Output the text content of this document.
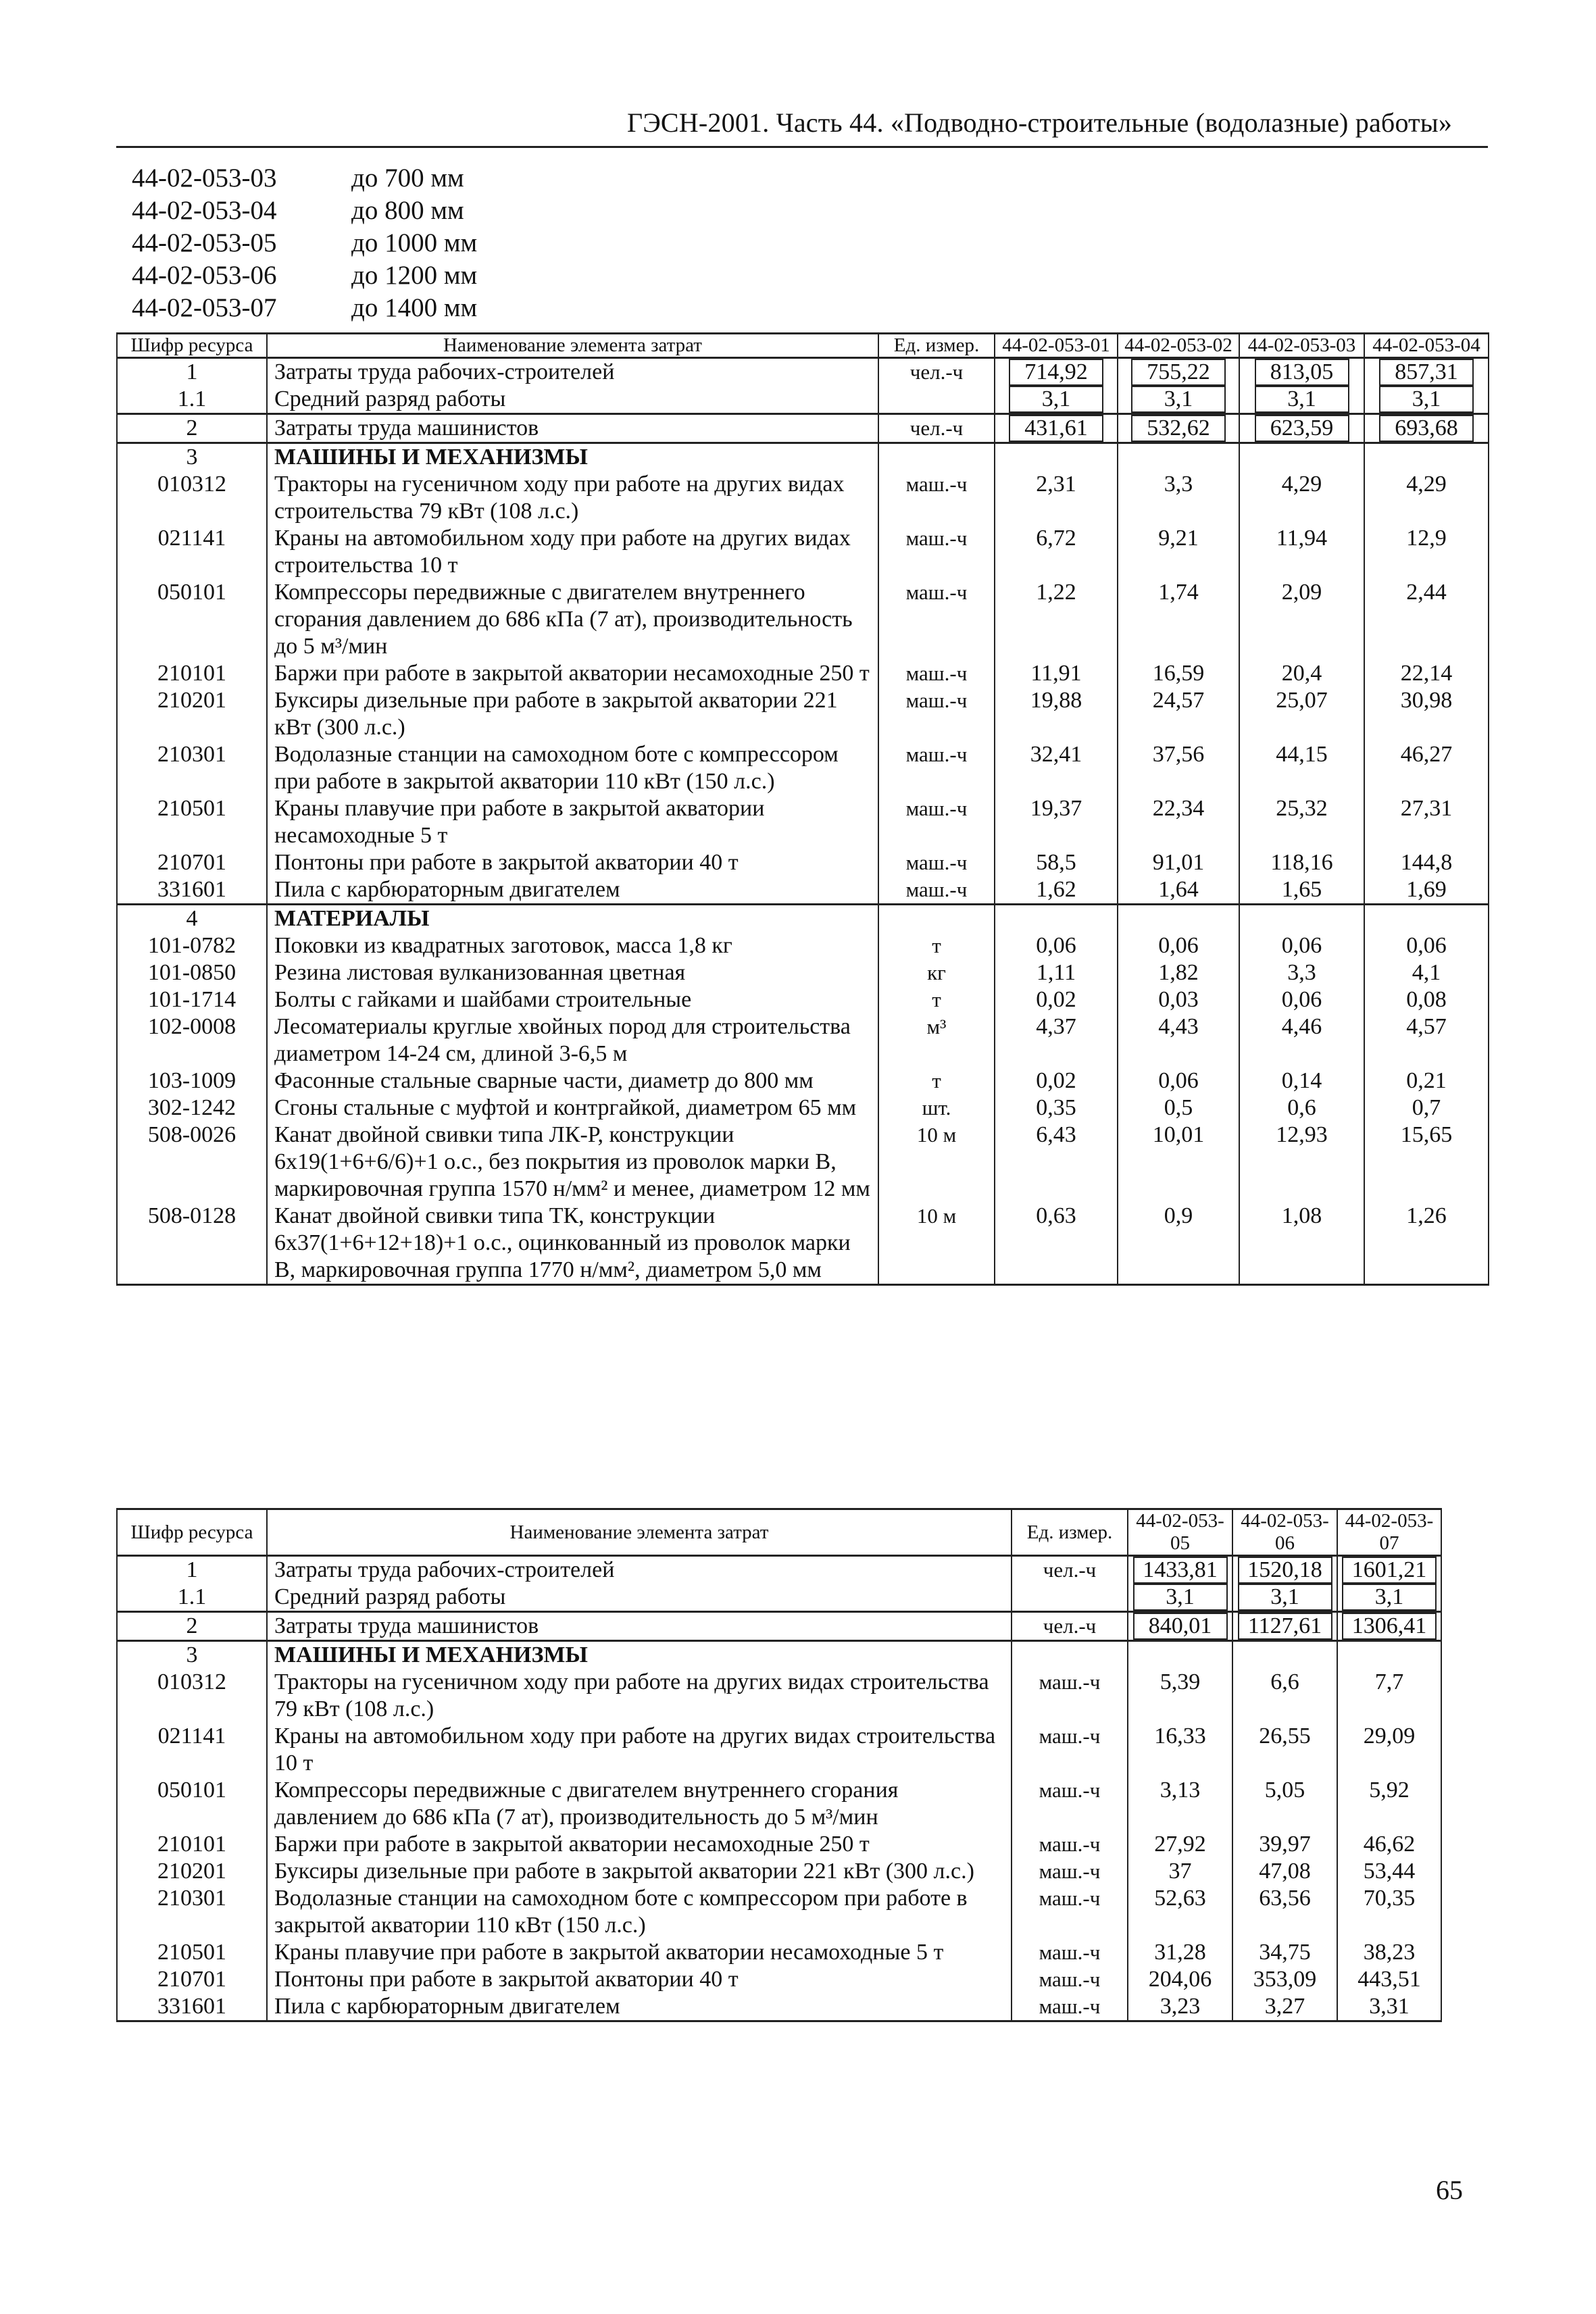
ГЭСН-2001. Часть 44. «Подводно-строительные (водолазные) работы»
44-02-053-03	до 700 мм
44-02-053-04	до 800 мм
44-02-053-05	до 1000 мм
44-02-053-06	до 1200 мм
44-02-053-07	до 1400 мм
Шифр ресурса	Наименование элемента затрат	Ед. измер.	44-02-053-01	44-02-053-02	44-02-053-03	44-02-053-04
1	Затраты труда рабочих-строителей	чел.-ч	714,92	755,22	813,05	857,31
1.1	Средний разряд работы		3,1	3,1	3,1	3,1
2	Затраты труда машинистов	чел.-ч	431,61	532,62	623,59	693,68
3	МАШИНЫ И МЕХАНИЗМЫ					
010312	Тракторы на гусеничном ходу при работе на других видах строительства 79 кВт (108 л.с.)	маш.-ч	2,31	3,3	4,29	4,29
021141	Краны на автомобильном ходу при работе на других видах строительства 10 т	маш.-ч	6,72	9,21	11,94	12,9
050101	Компрессоры передвижные с двигателем внутреннего сгорания давлением до 686 кПа (7 ат), производительность до 5 м³/мин	маш.-ч	1,22	1,74	2,09	2,44
210101	Баржи при работе в закрытой акватории несамоходные 250 т	маш.-ч	11,91	16,59	20,4	22,14
210201	Буксиры дизельные при работе в закрытой акватории 221 кВт (300 л.с.)	маш.-ч	19,88	24,57	25,07	30,98
210301	Водолазные станции на самоходном боте с компрессором при работе в закрытой акватории 110 кВт (150 л.с.)	маш.-ч	32,41	37,56	44,15	46,27
210501	Краны плавучие при работе в закрытой акватории несамоходные 5 т	маш.-ч	19,37	22,34	25,32	27,31
210701	Понтоны при работе в закрытой акватории 40 т	маш.-ч	58,5	91,01	118,16	144,8
331601	Пила с карбюраторным двигателем	маш.-ч	1,62	1,64	1,65	1,69
4	МАТЕРИАЛЫ					
101-0782	Поковки из квадратных заготовок, масса 1,8 кг	т	0,06	0,06	0,06	0,06
101-0850	Резина листовая вулканизованная цветная	кг	1,11	1,82	3,3	4,1
101-1714	Болты с гайками и шайбами строительные	т	0,02	0,03	0,06	0,08
102-0008	Лесоматериалы круглые хвойных пород для строительства диаметром 14-24 см, длиной 3-6,5 м	м³	4,37	4,43	4,46	4,57
103-1009	Фасонные стальные сварные части, диаметр до 800 мм	т	0,02	0,06	0,14	0,21
302-1242	Сгоны стальные с муфтой и контргайкой, диаметром 65 мм	шт.	0,35	0,5	0,6	0,7
508-0026	Канат двойной свивки типа ЛК-Р, конструкции 6х19(1+6+6/6)+1 о.с., без покрытия из проволок марки В, маркировочная группа 1570 н/мм² и менее, диаметром 12 мм	10 м	6,43	10,01	12,93	15,65
508-0128	Канат двойной свивки типа ТК, конструкции 6х37(1+6+12+18)+1 о.с., оцинкованный из проволок марки В, маркировочная группа 1770 н/мм², диаметром 5,0 мм	10 м	0,63	0,9	1,08	1,26
Шифр ресурса	Наименование элемента затрат	Ед. измер.	44-02-053-05	44-02-053-06	44-02-053-07
1	Затраты труда рабочих-строителей	чел.-ч	1433,81	1520,18	1601,21
1.1	Средний разряд работы		3,1	3,1	3,1
2	Затраты труда машинистов	чел.-ч	840,01	1127,61	1306,41
3	МАШИНЫ И МЕХАНИЗМЫ				
010312	Тракторы на гусеничном ходу при работе на других видах строительства 79 кВт (108 л.с.)	маш.-ч	5,39	6,6	7,7
021141	Краны на автомобильном ходу при работе на других видах строительства 10 т	маш.-ч	16,33	26,55	29,09
050101	Компрессоры передвижные с двигателем внутреннего сгорания давлением до 686 кПа (7 ат), производительность до 5 м³/мин	маш.-ч	3,13	5,05	5,92
210101	Баржи при работе в закрытой акватории несамоходные 250 т	маш.-ч	27,92	39,97	46,62
210201	Буксиры дизельные при работе в закрытой акватории 221 кВт (300 л.с.)	маш.-ч	37	47,08	53,44
210301	Водолазные станции на самоходном боте с компрессором при работе в закрытой акватории 110 кВт (150 л.с.)	маш.-ч	52,63	63,56	70,35
210501	Краны плавучие при работе в закрытой акватории несамоходные 5 т	маш.-ч	31,28	34,75	38,23
210701	Понтоны при работе в закрытой акватории 40 т	маш.-ч	204,06	353,09	443,51
331601	Пила с карбюраторным двигателем	маш.-ч	3,23	3,27	3,31
65
